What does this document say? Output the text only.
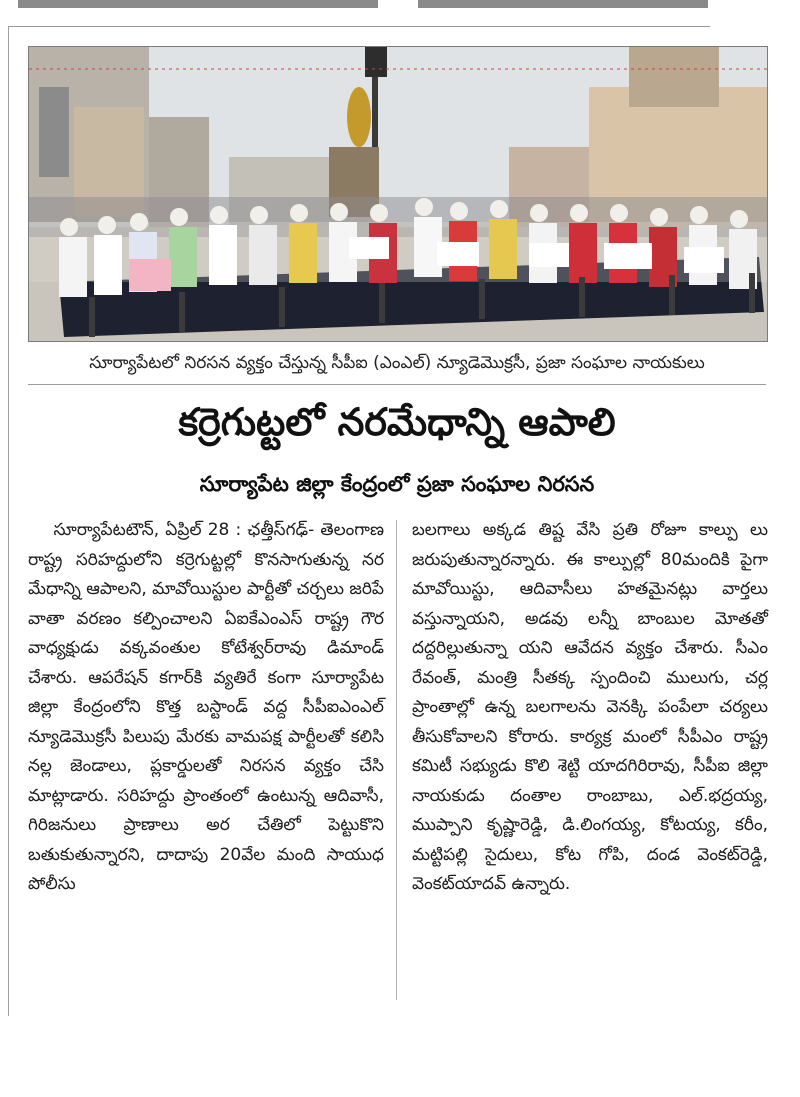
సూర్యాపేటలో నిరసన వ్యక్తం చేస్తున్న సీపీఐ (ఎంఎల్) న్యూడెమొక్రసీ, ప్రజా సంఘాల నాయకులు
కర్రెగుట్టలో నరమేధాన్ని ఆపాలి
సూర్యాపేట జిల్లా కేంద్రంలో ప్రజా సంఘాల నిరసన

సూర్యాపేటటౌన్, ఏప్రిల్ 28 : ఛత్తీస్‌గఢ్- తెలంగాణ రాష్ట్ర సరిహద్దులోని కర్రెగుట్టల్లో కొనసాగుతున్న నర మేధాన్ని ఆపాలని, మావోయిస్టుల పార్టీతో చర్చలు జరిపే వాతా వరణం కల్పించాలని ఏఐకేఎంఎస్ రాష్ట్ర గౌర వాధ్యక్షుడు వక్కవంతుల కోటేశ్వర్‌రావు డిమాండ్ చేశారు. ఆపరేషన్ కగార్‌కి వ్యతిరే కంగా సూర్యాపేట జిల్లా కేంద్రంలోని కొత్త బస్టాండ్ వద్ద సీపీఐఎంఎల్ న్యూడెమొక్రసీ పిలుపు మేరకు వామపక్ష పార్టీలతో కలిసి నల్ల జెండాలు, ప్లకార్డులతో నిరసన వ్యక్తం చేసి మాట్లాడారు. సరిహద్దు ప్రాంతంలో ఉంటున్న ఆదివాసీ, గిరిజనులు ప్రాణాలు అర చేతిలో పెట్టుకొని బతుకుతున్నారని, దాదాపు 20వేల మంది సాయుధ పోలీసు

బలగాలు అక్కడ తిష్ట వేసి ప్రతి రోజూ కాల్పు లు జరుపుతున్నారన్నారు. ఈ కాల్పుల్లో 80మందికి పైగా మావోయిస్టు, ఆదివాసీలు హతమైనట్లు వార్తలు వస్తున్నాయని, అడవు లన్నీ బాంబుల మోతతో దద్దరిల్లుతున్నా యని ఆవేదన వ్యక్తం చేశారు. సీఎం రేవంత్, మంత్రి సీతక్క స్పందించి ములుగు, చర్ల ప్రాంతాల్లో ఉన్న బలగాలను వెనక్కి పంపేలా చర్యలు తీసుకోవాలని కోరారు. కార్యక్ర మంలో సీపీఎం రాష్ట్ర కమిటీ సభ్యుడు కొలి శెట్టి యాదగిరిరావు, సీపీఐ జిల్లా నాయకుడు దంతాల రాంబాబు, ఎల్.భద్రయ్య, ముప్పాని కృష్ణారెడ్డి, డి.లింగయ్య, కోటయ్య, కరీం, మట్టిపల్లి సైదులు, కోట గోపి, దండ వెంకట్‌రెడ్డి, వెంకట్‌యాదవ్ ఉన్నారు.
